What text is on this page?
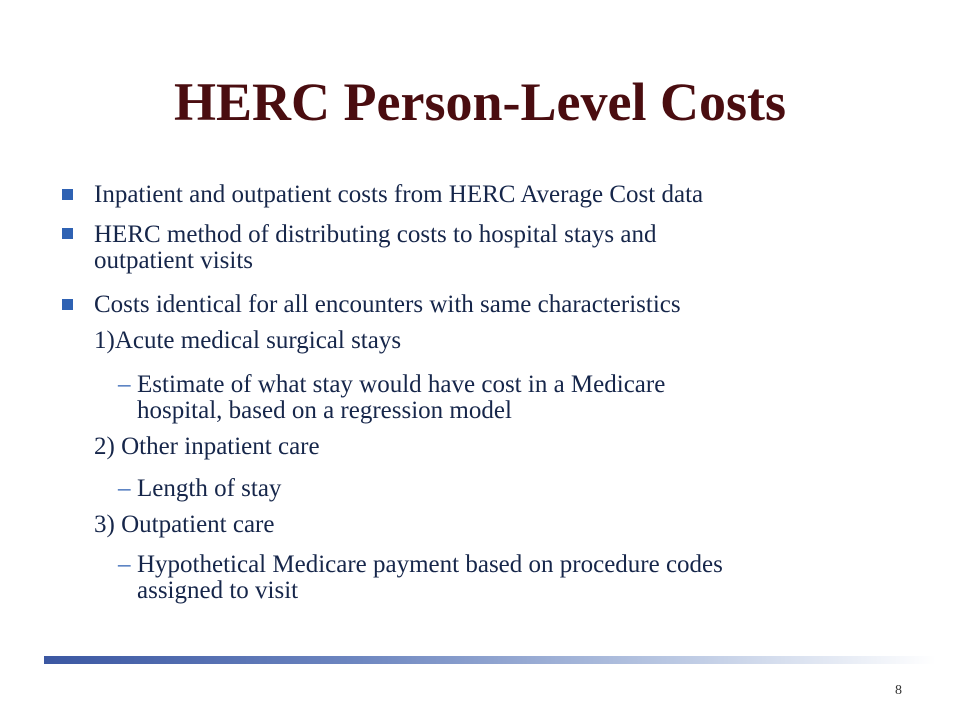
HERC Person-Level Costs
Inpatient and outpatient costs from HERC Average Cost data
HERC method of distributing costs to hospital stays and
outpatient visits
Costs identical for all encounters with same characteristics
1)Acute medical surgical stays
– Estimate of what stay would have cost in a Medicare
hospital, based on a regression model
2) Other inpatient care
– Length of stay
3) Outpatient care
– Hypothetical Medicare payment based on procedure codes
assigned to visit
8
